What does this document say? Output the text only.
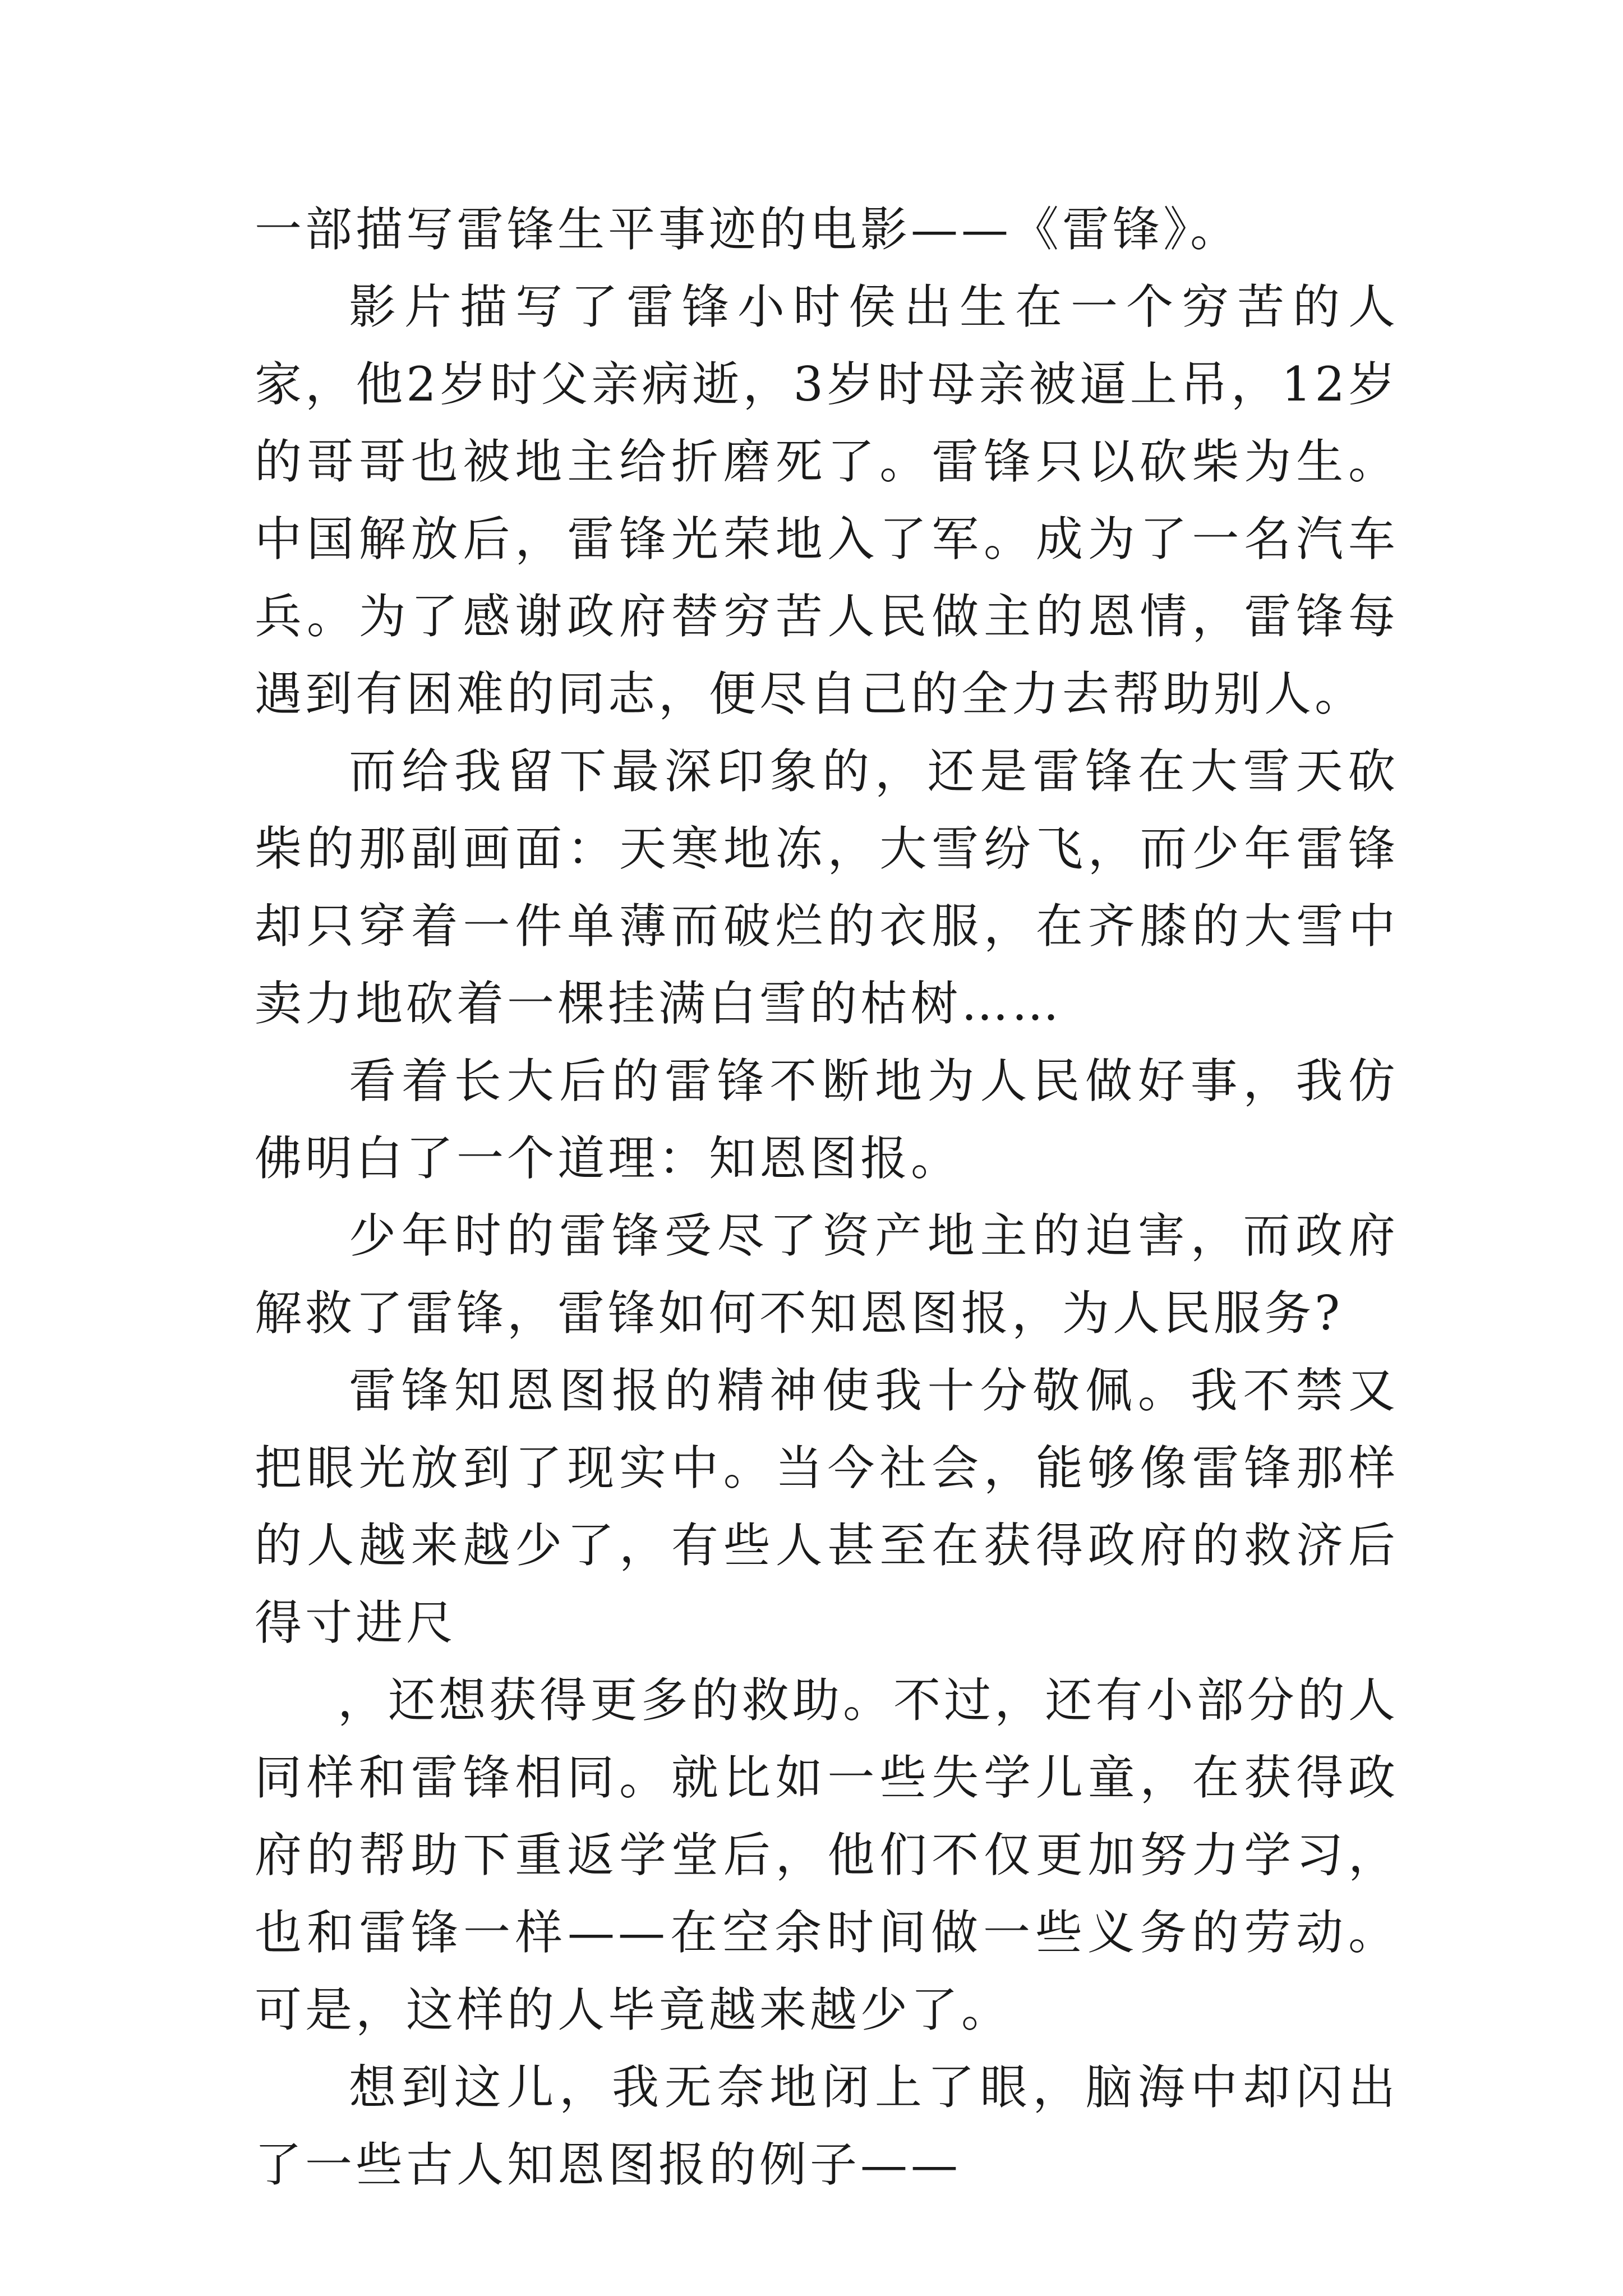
一部描写雷锋生平事迹的电影——《雷锋》。

影片描写了雷锋小时侯出生在一个穷苦的人家，他2岁时父亲病逝，3岁时母亲被逼上吊，12岁的哥哥也被地主给折磨死了。雷锋只以砍柴为生。中国解放后，雷锋光荣地入了军。成为了一名汽车兵。为了感谢政府替穷苦人民做主的恩情，雷锋每遇到有困难的同志，便尽自己的全力去帮助别人。

而给我留下最深印象的，还是雷锋在大雪天砍柴的那副画面：天寒地冻，大雪纷飞，而少年雷锋却只穿着一件单薄而破烂的衣服，在齐膝的大雪中卖力地砍着一棵挂满白雪的枯树……

看着长大后的雷锋不断地为人民做好事，我仿佛明白了一个道理：知恩图报。

少年时的雷锋受尽了资产地主的迫害，而政府解救了雷锋，雷锋如何不知恩图报，为人民服务?

雷锋知恩图报的精神使我十分敬佩。我不禁又把眼光放到了现实中。当今社会，能够像雷锋那样的人越来越少了，有些人甚至在获得政府的救济后得寸进尺

，还想获得更多的救助。不过，还有小部分的人同样和雷锋相同。就比如一些失学儿童，在获得政府的帮助下重返学堂后，他们不仅更加努力学习，也和雷锋一样——在空余时间做一些义务的劳动。可是，这样的人毕竟越来越少了。

想到这儿，我无奈地闭上了眼，脑海中却闪出了一些古人知恩图报的例子——
